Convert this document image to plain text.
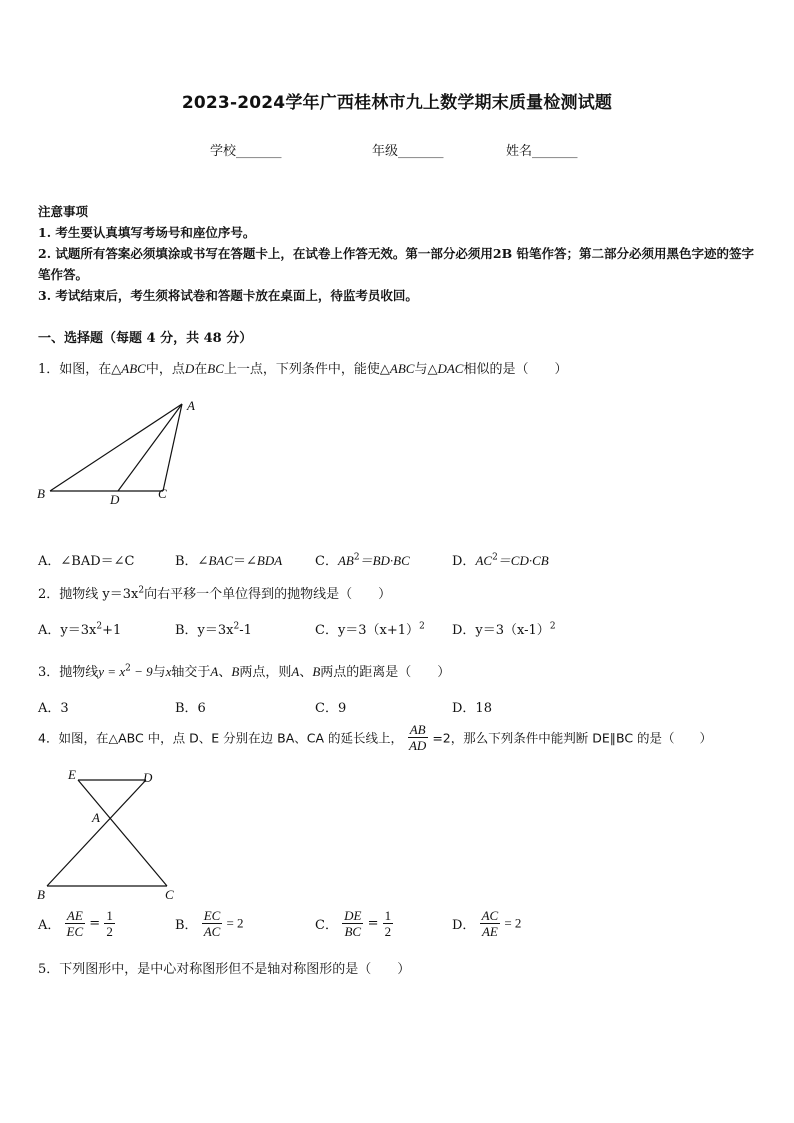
2023-2024学年广西桂林市九上数学期末质量检测试题
学校_______	年级_______	姓名_______
注意事项
1. 考生要认真填写考场号和座位序号。
2. 试题所有答案必须填涂或书写在答题卡上，在试卷上作答无效。第一部分必须用2B 铅笔作答；第二部分必须用黑色字迹的签字笔作答。
3. 考试结束后，考生须将试卷和答题卡放在桌面上，待监考员收回。
一、选择题（每题 4 分，共 48 分）
1．如图，在△ABC中，点D在BC上一点，下列条件中，能使△ABC与△DAC相似的是（　　）
A
B	D	C
A．∠BAD＝∠C	B．∠BAC＝∠BDA	C．$AB^2=BD\cdot BC$	D．$AC^2=CD\cdot CB$
2．抛物线 $y=3x^2$向右平移一个单位得到的抛物线是（　　）
A．$y=3x^2+1$	B．$y=3x^2-1$	C．$y=3(x+1)^2$ D．$y=3(x-1)^2$
3．抛物线$y = x^2 - 9$与x轴交于A、B两点，则A、B两点的距离是（　　）
A．3	B．6	C．9	D．18
4．如图，在△ABC 中，点 D、E 分别在边 BA、CA 的延长线上， $\frac{AB}{AD} =2$，那么下列条件中能判断 DE∥BC 的是（　　）
E	D
A
B	C
A． $\frac{AE}{EC} = \frac{1}{2}$	B． $\frac{EC}{AC} = 2$	C． $\frac{DE}{BC} = \frac{1}{2}$	D． $\frac{AC}{AE} = 2$
5．下列图形中，是中心对称图形但不是轴对称图形的是（　　）
